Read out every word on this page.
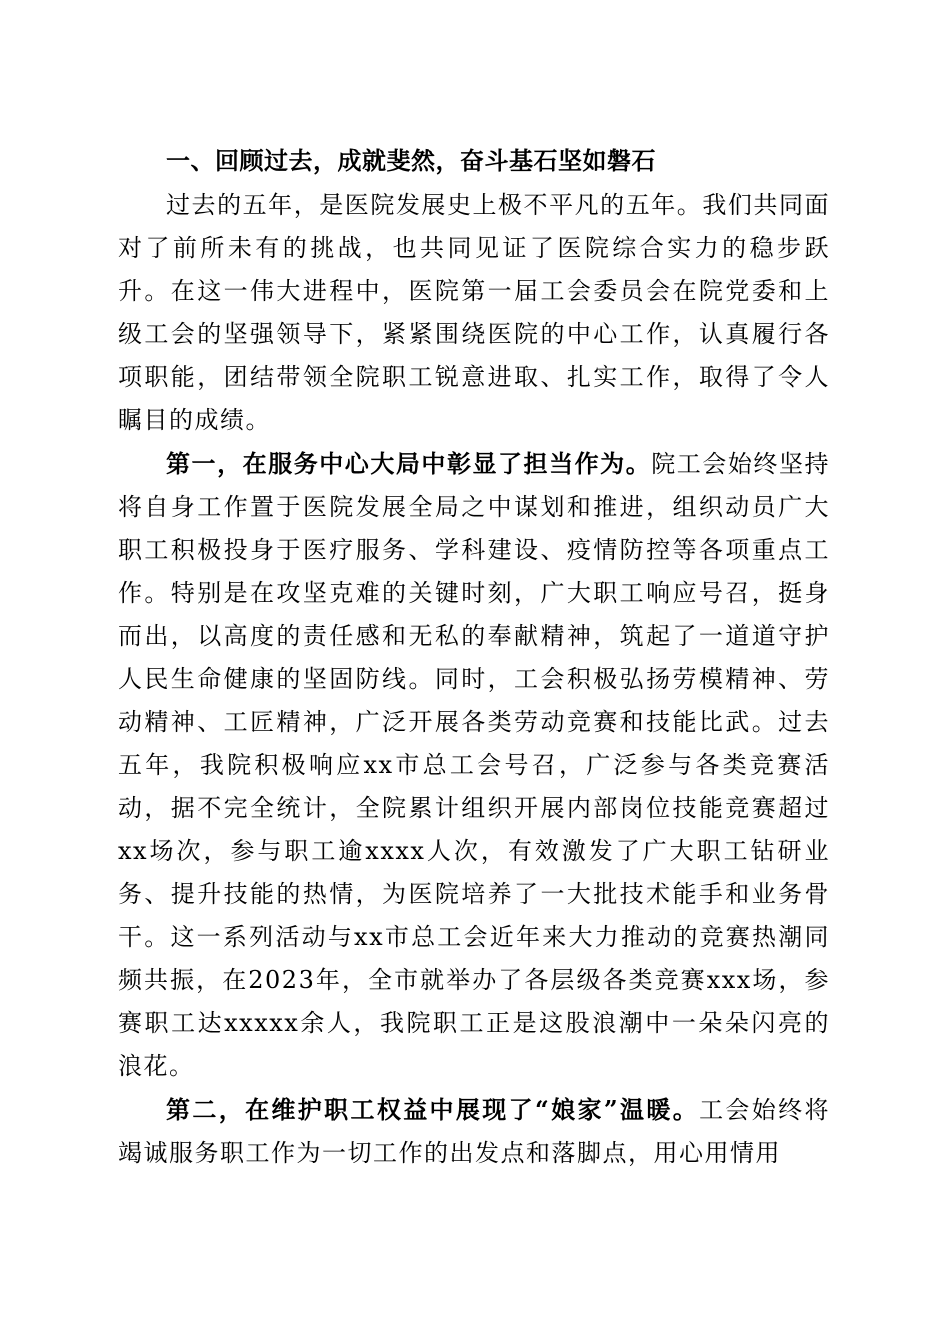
一、回顾过去，成就斐然，奋斗基石坚如磐石

过去的五年，是医院发展史上极不平凡的五年。我们共同面对了前所未有的挑战，也共同见证了医院综合实力的稳步跃升。在这一伟大进程中，医院第一届工会委员会在院党委和上级工会的坚强领导下，紧紧围绕医院的中心工作，认真履行各项职能，团结带领全院职工锐意进取、扎实工作，取得了令人瞩目的成绩。

第一，在服务中心大局中彰显了担当作为。院工会始终坚持将自身工作置于医院发展全局之中谋划和推进，组织动员广大职工积极投身于医疗服务、学科建设、疫情防控等各项重点工作。特别是在攻坚克难的关键时刻，广大职工响应号召，挺身而出，以高度的责任感和无私的奉献精神，筑起了一道道守护人民生命健康的坚固防线。同时，工会积极弘扬劳模精神、劳动精神、工匠精神，广泛开展各类劳动竞赛和技能比武。过去五年，我院积极响应xx市总工会号召，广泛参与各类竞赛活动，据不完全统计，全院累计组织开展内部岗位技能竞赛超过xx场次，参与职工逾xxxx人次，有效激发了广大职工钻研业务、提升技能的热情，为医院培养了一大批技术能手和业务骨干。这一系列活动与xx市总工会近年来大力推动的竞赛热潮同频共振，在2023年，全市就举办了各层级各类竞赛xxx场，参赛职工达xxxxx余人，我院职工正是这股浪潮中一朵朵闪亮的浪花。

第二，在维护职工权益中展现了“娘家”温暖。工会始终将竭诚服务职工作为一切工作的出发点和落脚点，用心用情用
